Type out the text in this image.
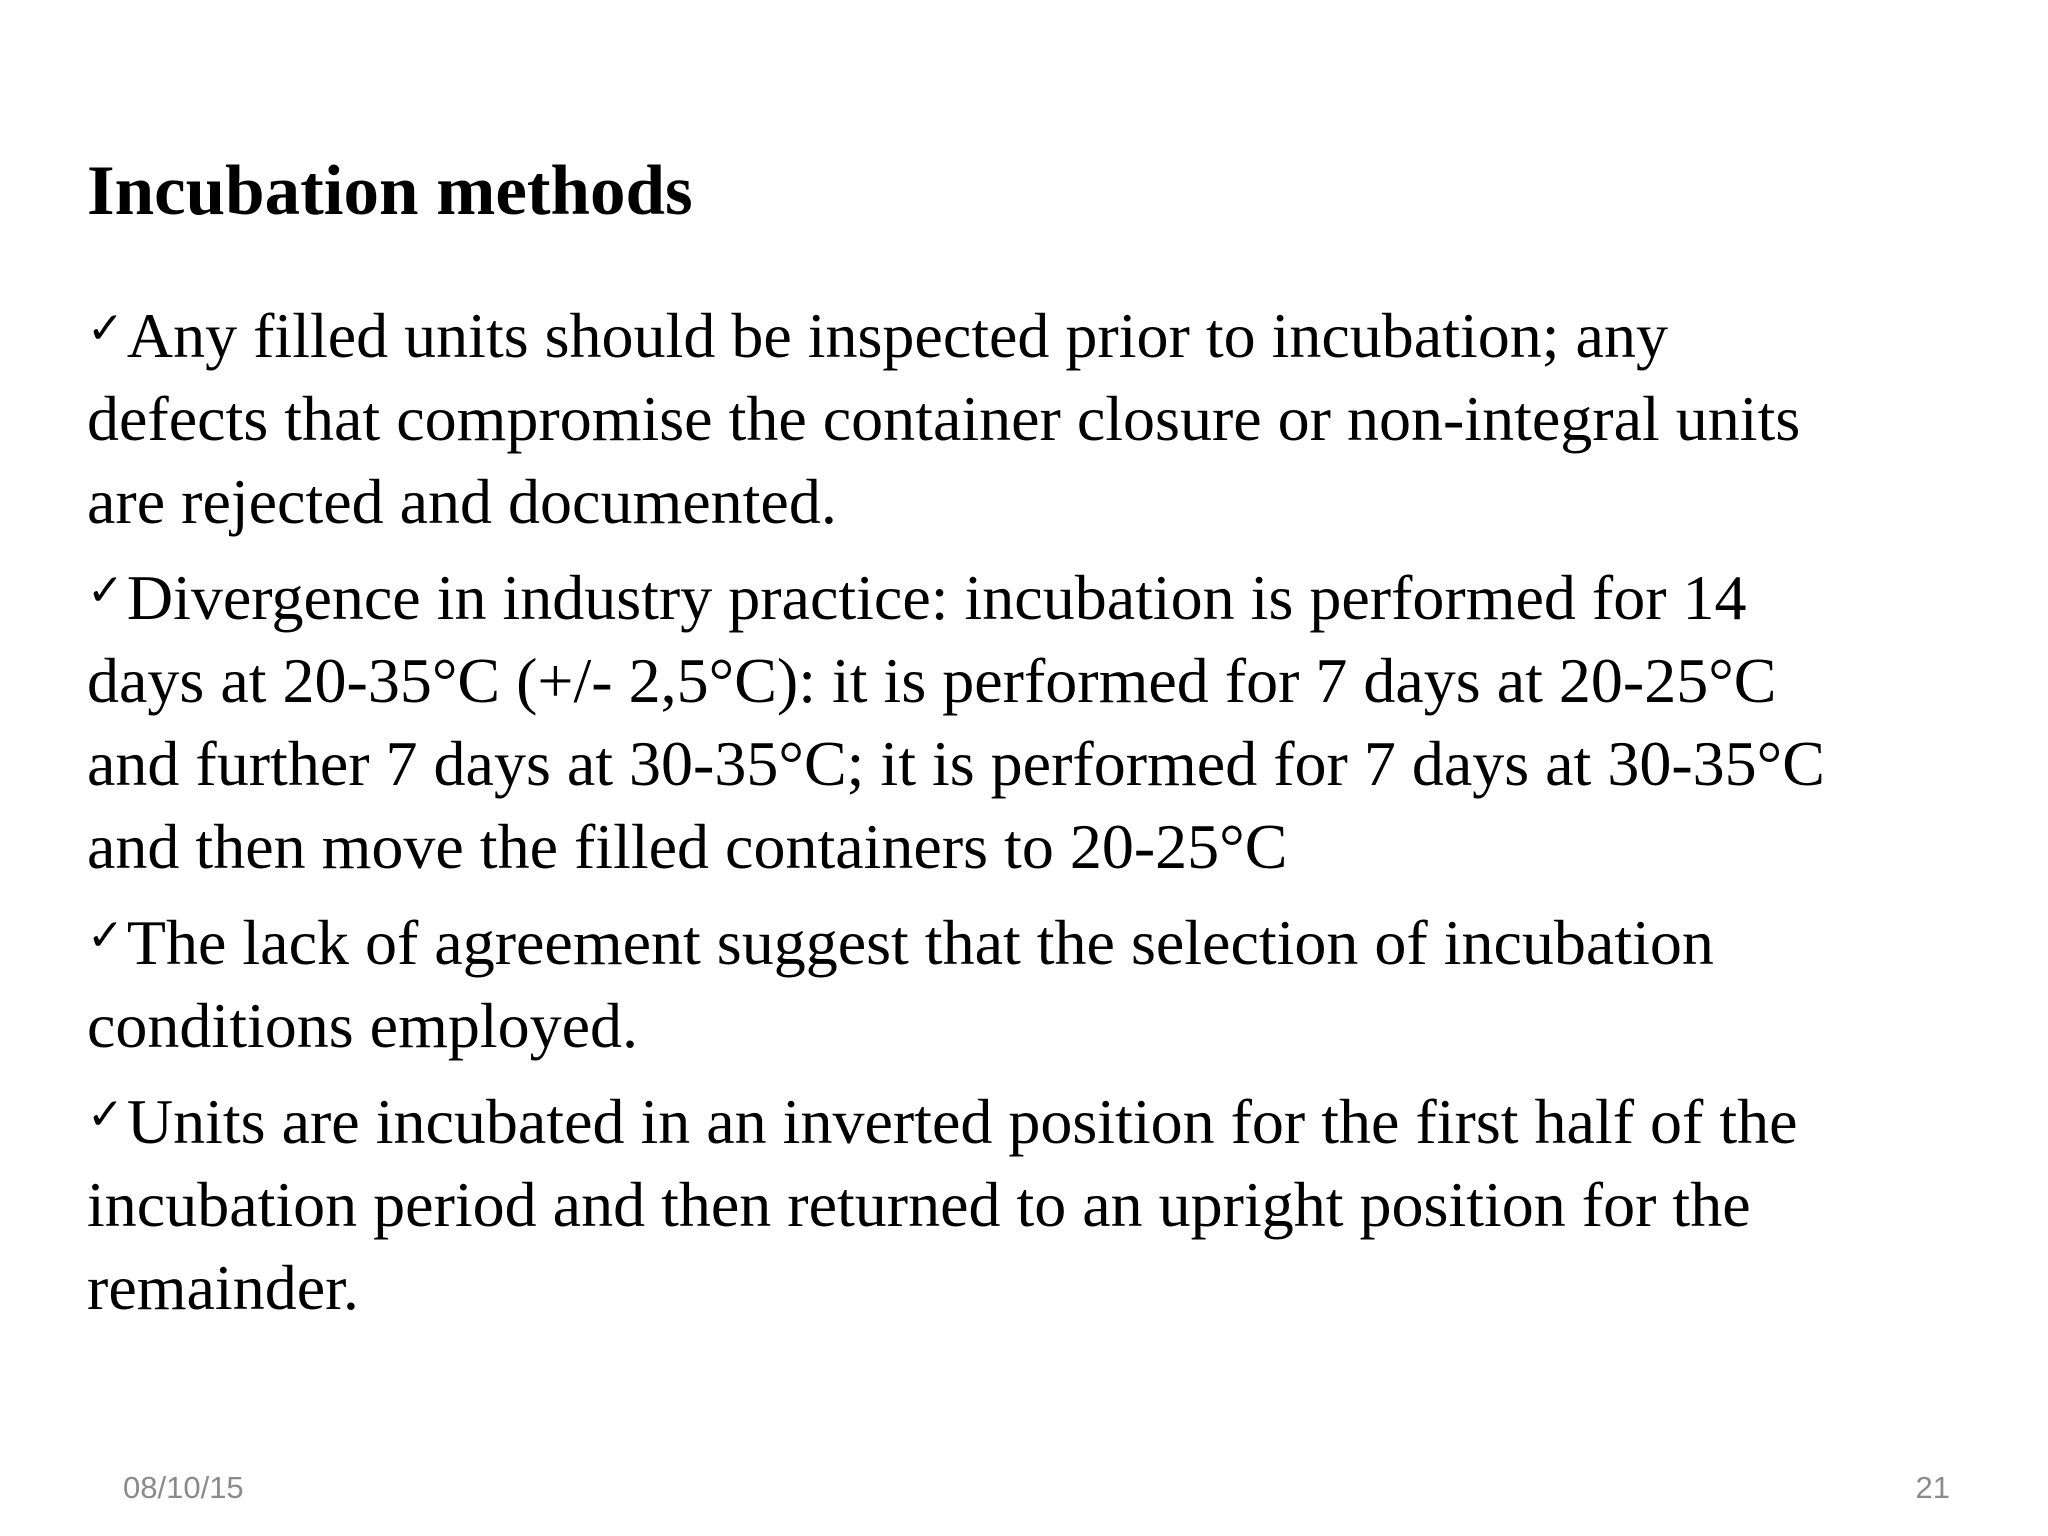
Incubation methods
✓Any filled units should be inspected prior to incubation; any
defects that compromise the container closure or non-integral units
are rejected and documented.
✓Divergence in industry practice: incubation is performed for 14
days at 20-35°C (+/- 2,5°C): it is performed for 7 days at 20-25°C
and further 7 days at 30-35°C; it is performed for 7 days at 30-35°C
and then move the filled containers to 20-25°C
✓The lack of agreement suggest that the selection of incubation
conditions employed.
✓Units are incubated in an inverted position for the first half of the
incubation period and then returned to an upright position for the
remainder.
08/10/15	21
